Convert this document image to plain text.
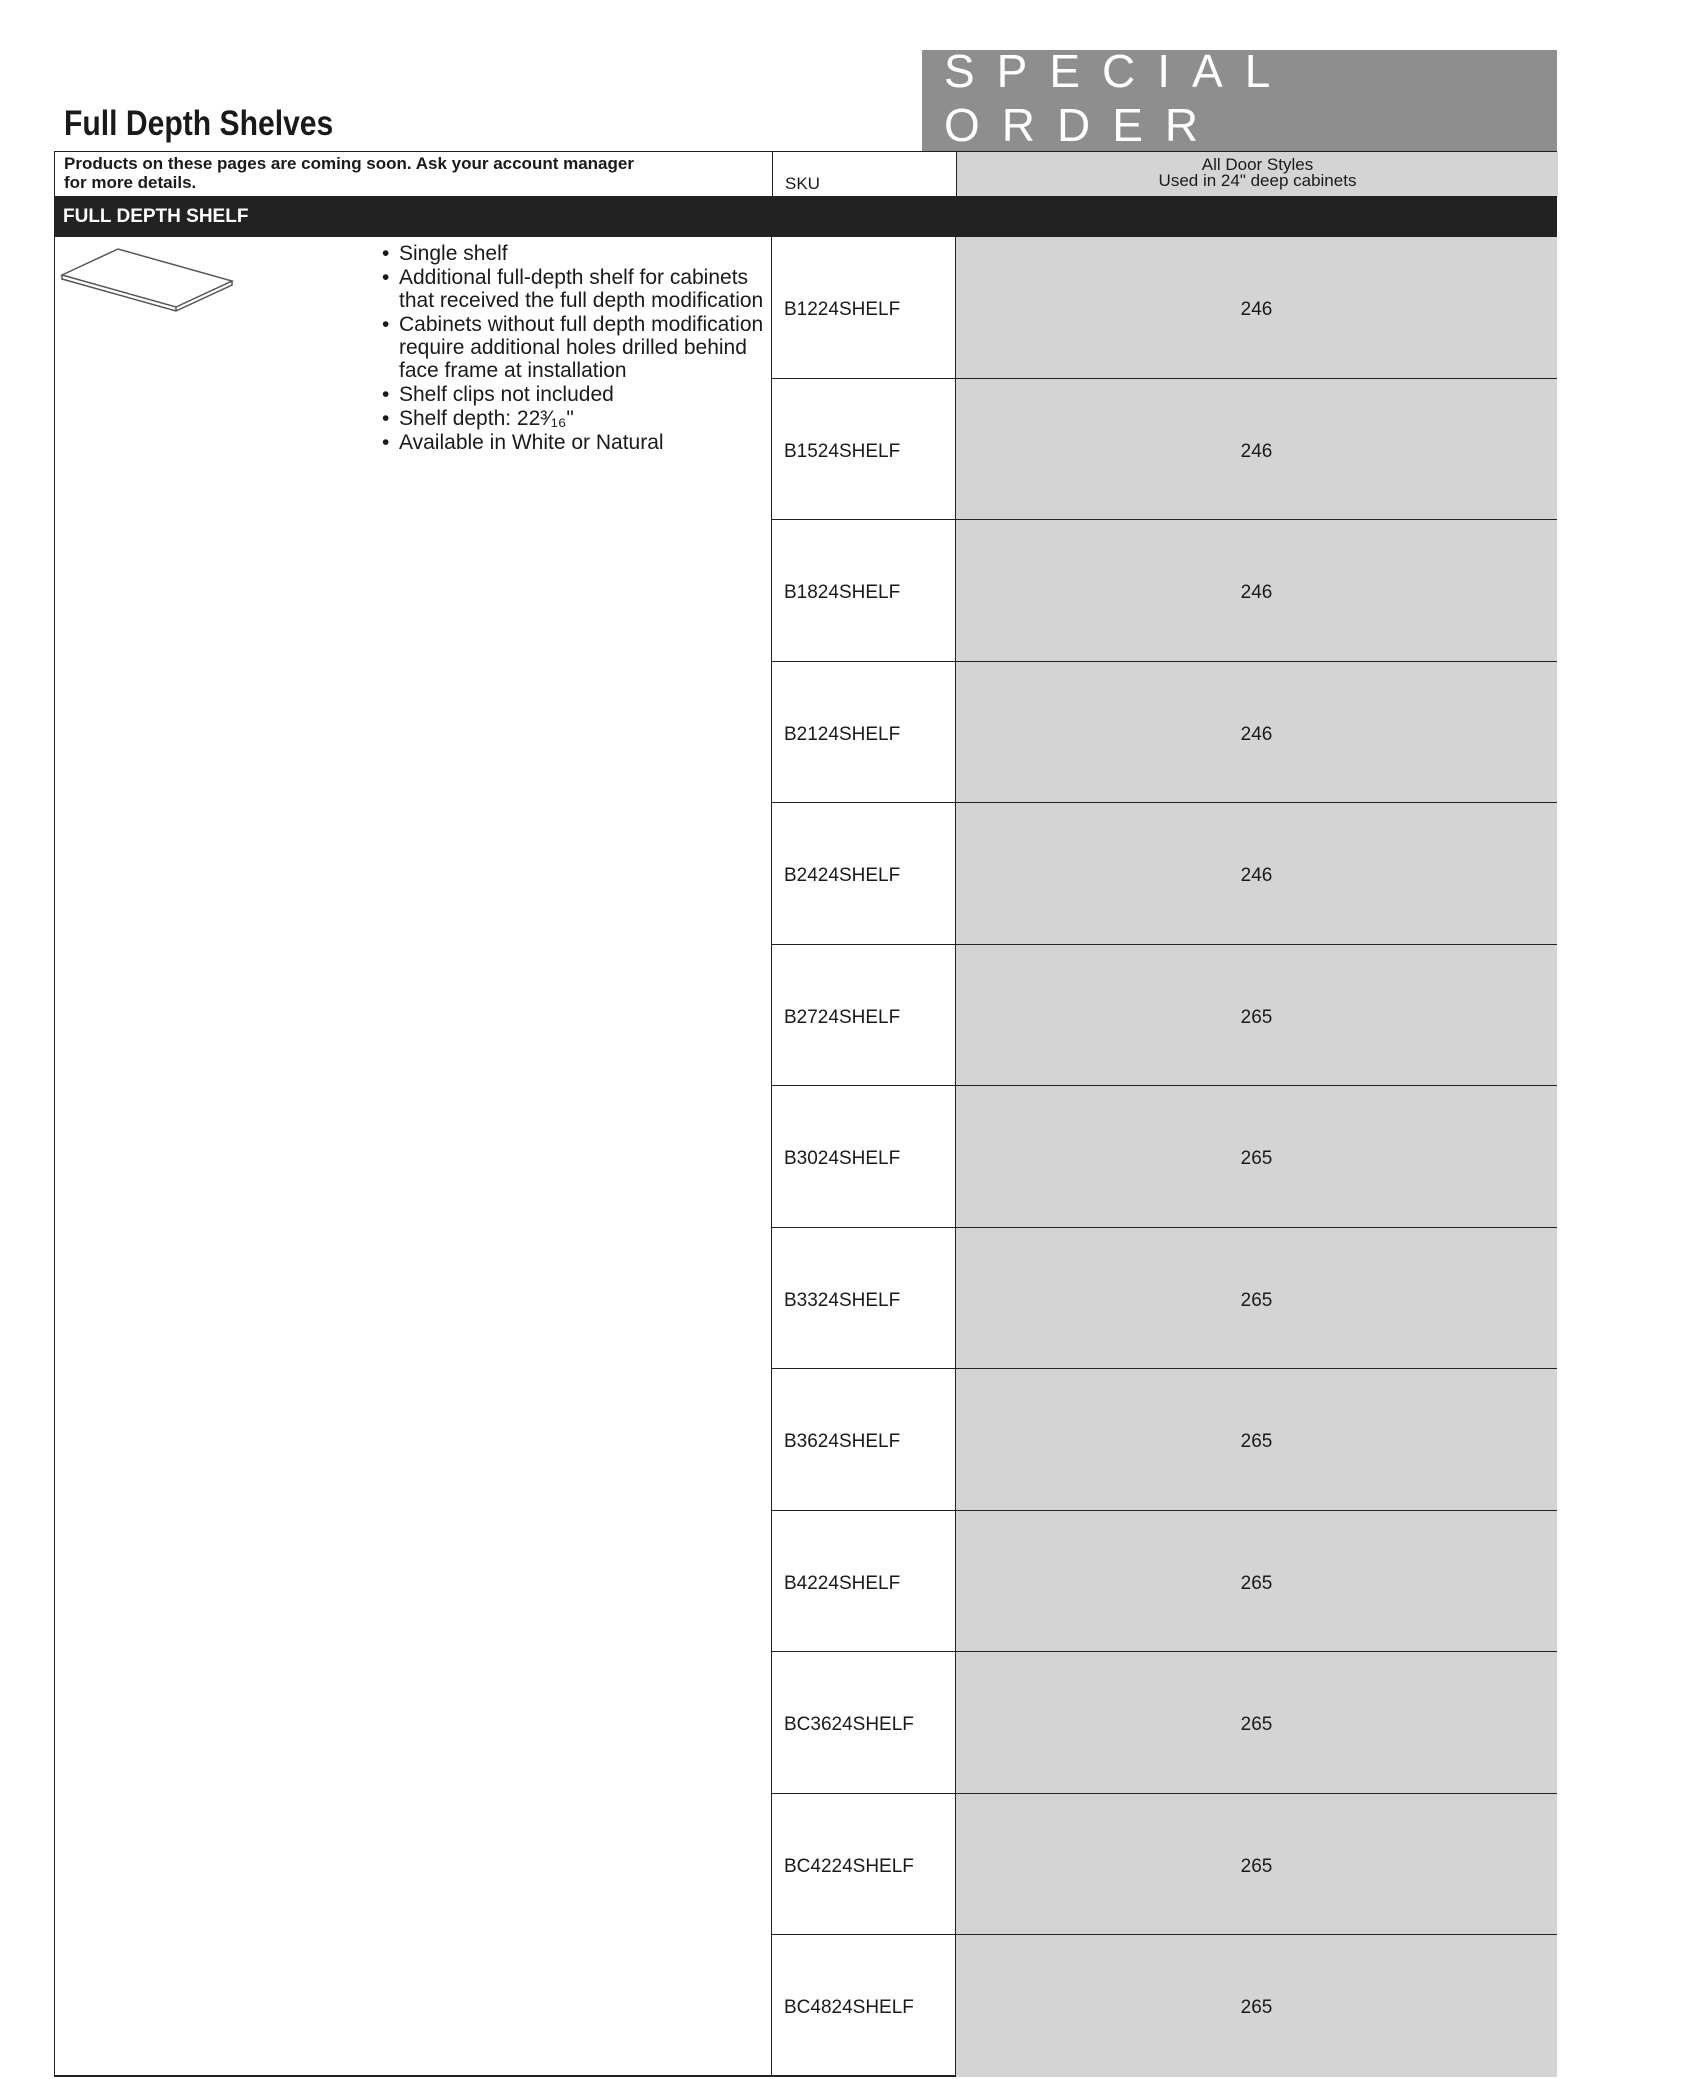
SPECIAL ORDER
Full Depth Shelves
Products on these pages are coming soon. Ask your account manager
for more details.	SKU
All Door Styles
Used in 24" deep cabinets
FULL DEPTH SHELF
• Single shelf
• Additional full-depth shelf for cabinets that received the full depth modification
• Cabinets without full depth modification require additional holes drilled behind face frame at installation
• Shelf clips not included
• Shelf depth: 22³⁄₁₆"
• Available in White or Natural
B1224SHELF	246
B1524SHELF	246
B1824SHELF	246
B2124SHELF	246
B2424SHELF	246
B2724SHELF	265
B3024SHELF	265
B3324SHELF	265
B3624SHELF	265
B4224SHELF	265
BC3624SHELF	265
BC4224SHELF	265
BC4824SHELF	265
